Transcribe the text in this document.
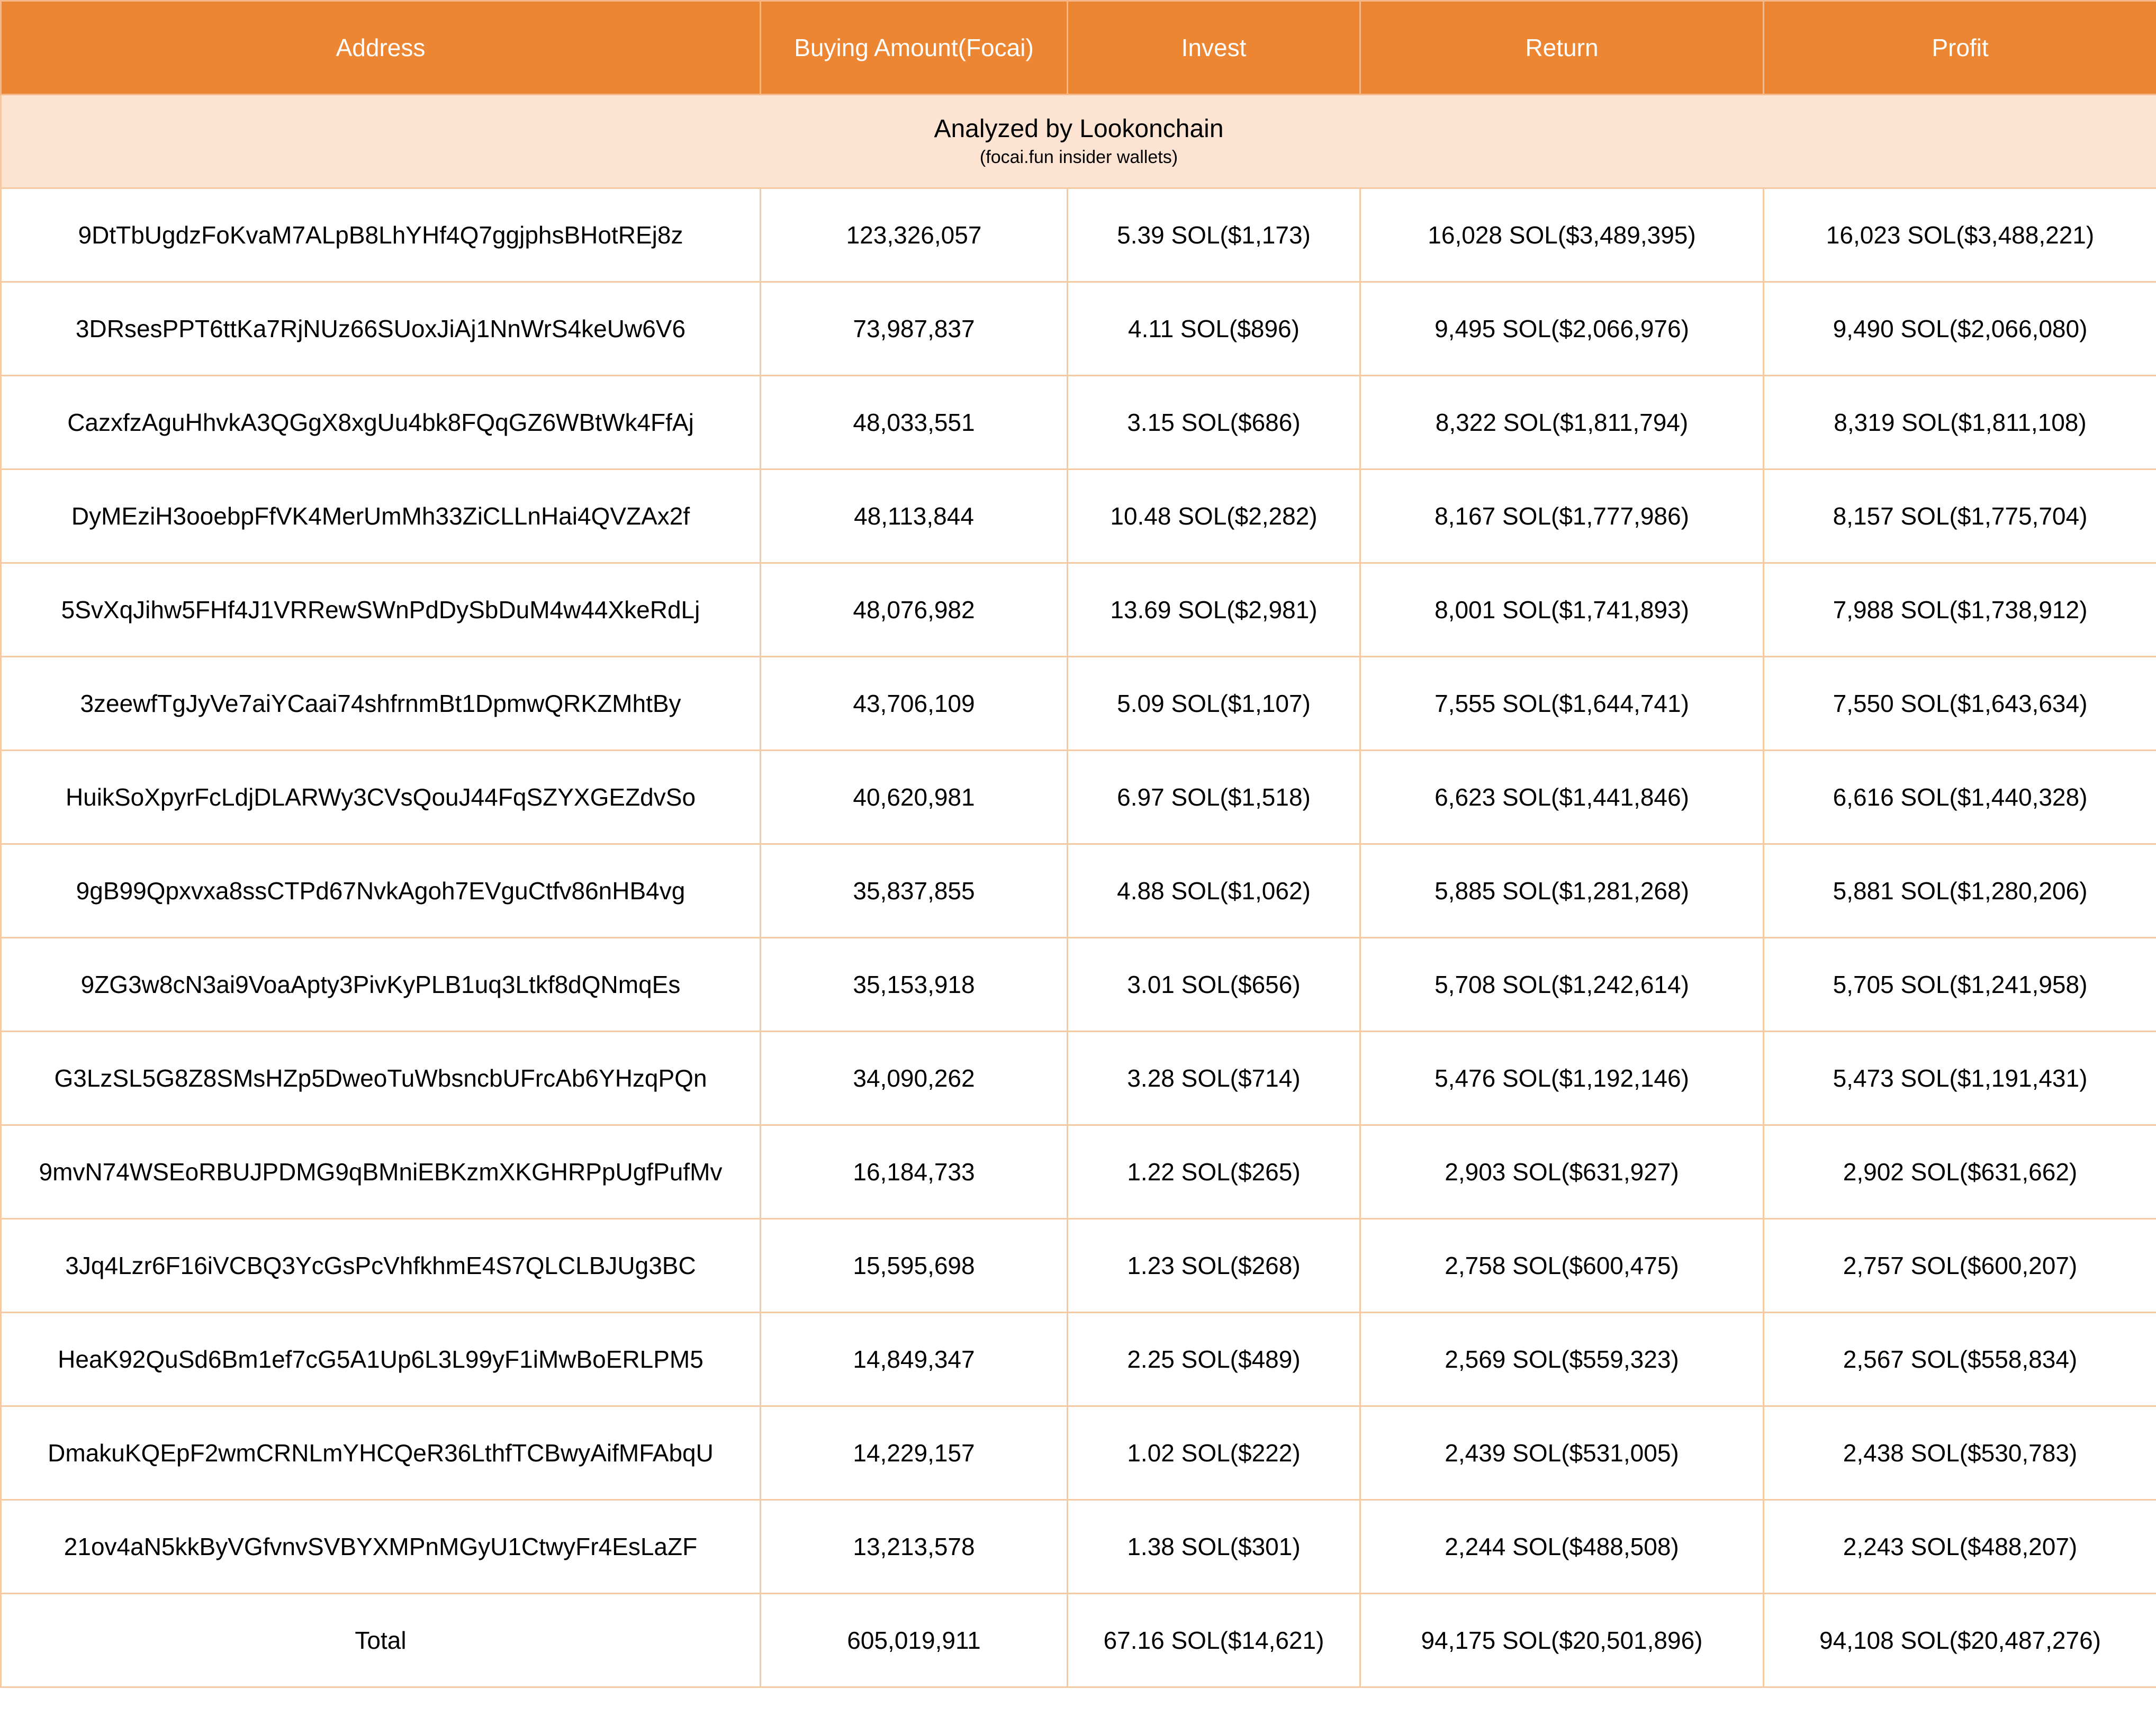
Address	Buying Amount(Focai)	Invest	Return	Profit

Analyzed by Lookonchain
(focai.fun insider wallets)				

9DtTbUgdzFoKvaM7ALpB8LhYHf4Q7ggjphsBHotREj8z	123,326,057	5.39 SOL($1,173)	16,028 SOL($3,489,395)	16,023 SOL($3,488,221)
3DRsesPPT6ttKa7RjNUz66SUoxJiAj1NnWrS4keUw6V6	73,987,837	4.11 SOL($896)	9,495 SOL($2,066,976)	9,490 SOL($2,066,080)
CazxfzAguHhvkA3QGgX8xgUu4bk8FQqGZ6WBtWk4FfAj	48,033,551	3.15 SOL($686)	8,322 SOL($1,811,794)	8,319 SOL($1,811,108)
DyMEziH3ooebpFfVK4MerUmMh33ZiCLLnHai4QVZAx2f	48,113,844	10.48 SOL($2,282)	8,167 SOL($1,777,986)	8,157 SOL($1,775,704)
5SvXqJihw5FHf4J1VRRewSWnPdDySbDuM4w44XkeRdLj	48,076,982	13.69 SOL($2,981)	8,001 SOL($1,741,893)	7,988 SOL($1,738,912)
3zeewfTgJyVe7aiYCaai74shfrnmBt1DpmwQRKZMhtBy	43,706,109	5.09 SOL($1,107)	7,555 SOL($1,644,741)	7,550 SOL($1,643,634)
HuikSoXpyrFcLdjDLARWy3CVsQouJ44FqSZYXGEZdvSo	40,620,981	6.97 SOL($1,518)	6,623 SOL($1,441,846)	6,616 SOL($1,440,328)
9gB99Qpxvxa8ssCTPd67NvkAgoh7EVguCtfv86nHB4vg	35,837,855	4.88 SOL($1,062)	5,885 SOL($1,281,268)	5,881 SOL($1,280,206)
9ZG3w8cN3ai9VoaApty3PivKyPLB1uq3Ltkf8dQNmqEs	35,153,918	3.01 SOL($656)	5,708 SOL($1,242,614)	5,705 SOL($1,241,958)
G3LzSL5G8Z8SMsHZp5DweoTuWbsncbUFrcAb6YHzqPQn	34,090,262	3.28 SOL($714)	5,476 SOL($1,192,146)	5,473 SOL($1,191,431)
9mvN74WSEoRBUJPDMG9qBMniEBKzmXKGHRPpUgfPufMv	16,184,733	1.22 SOL($265)	2,903 SOL($631,927)	2,902 SOL($631,662)
3Jq4Lzr6F16iVCBQ3YcGsPcVhfkhmE4S7QLCLBJUg3BC	15,595,698	1.23 SOL($268)	2,758 SOL($600,475)	2,757 SOL($600,207)
HeaK92QuSd6Bm1ef7cG5A1Up6L3L99yF1iMwBoERLPM5	14,849,347	2.25 SOL($489)	2,569 SOL($559,323)	2,567 SOL($558,834)
DmakuKQEpF2wmCRNLmYHCQeR36LthfTCBwyAifMFAbqU	14,229,157	1.02 SOL($222)	2,439 SOL($531,005)	2,438 SOL($530,783)
21ov4aN5kkByVGfvnvSVBYXMPnMGyU1CtwyFr4EsLaZF	13,213,578	1.38 SOL($301)	2,244 SOL($488,508)	2,243 SOL($488,207)
Total	605,019,911	67.16 SOL($14,621)	94,175 SOL($20,501,896)	94,108 SOL($20,487,276)
